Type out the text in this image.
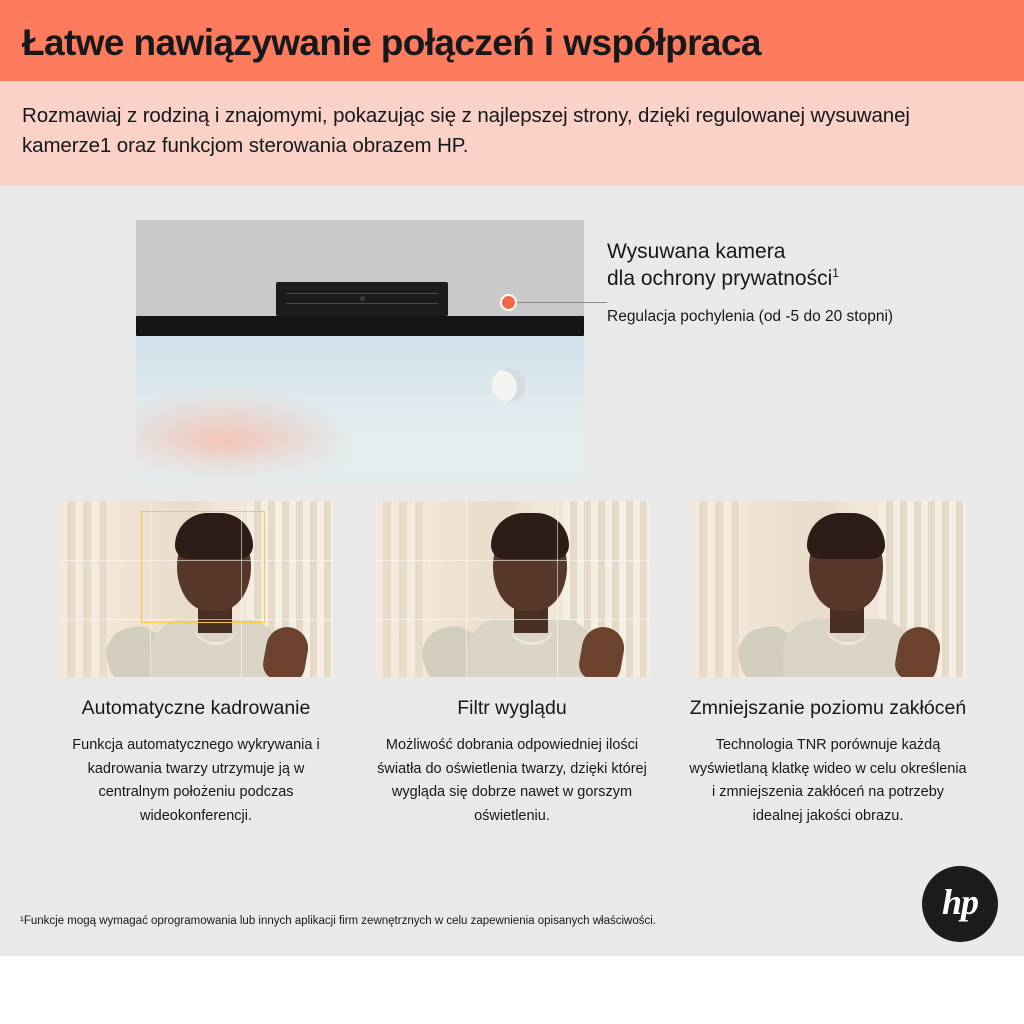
Łatwe nawiązywanie połączeń i współpraca

Rozmawiaj z rodziną i znajomymi, pokazując się z najlepszej strony, dzięki regulowanej wysuwanej kamerze1 oraz funkcjom sterowania obrazem HP.

Wysuwana kamera
dla ochrony prywatności$^1$
Regulacja pochylenia (od -5 do 20 stopni)
Automatyczne kadrowanie
Funkcja automatycznego wykrywania i kadrowania twarzy utrzymuje ją w centralnym położeniu podczas wideokonferencji.
Filtr wyglądu
Możliwość dobrania odpowiedniej ilości światła do oświetlenia twarzy, dzięki której wygląda się dobrze nawet w gorszym oświetleniu.
Zmniejszanie poziomu zakłóceń
Technologia TNR porównuje każdą wyświetlaną klatkę wideo w celu określenia i zmniejszenia zakłóceń na potrzeby idealnej jakości obrazu.
¹Funkcje mogą wymagać oprogramowania lub innych aplikacji firm zewnętrznych w celu zapewnienia opisanych właściwości.	hp
